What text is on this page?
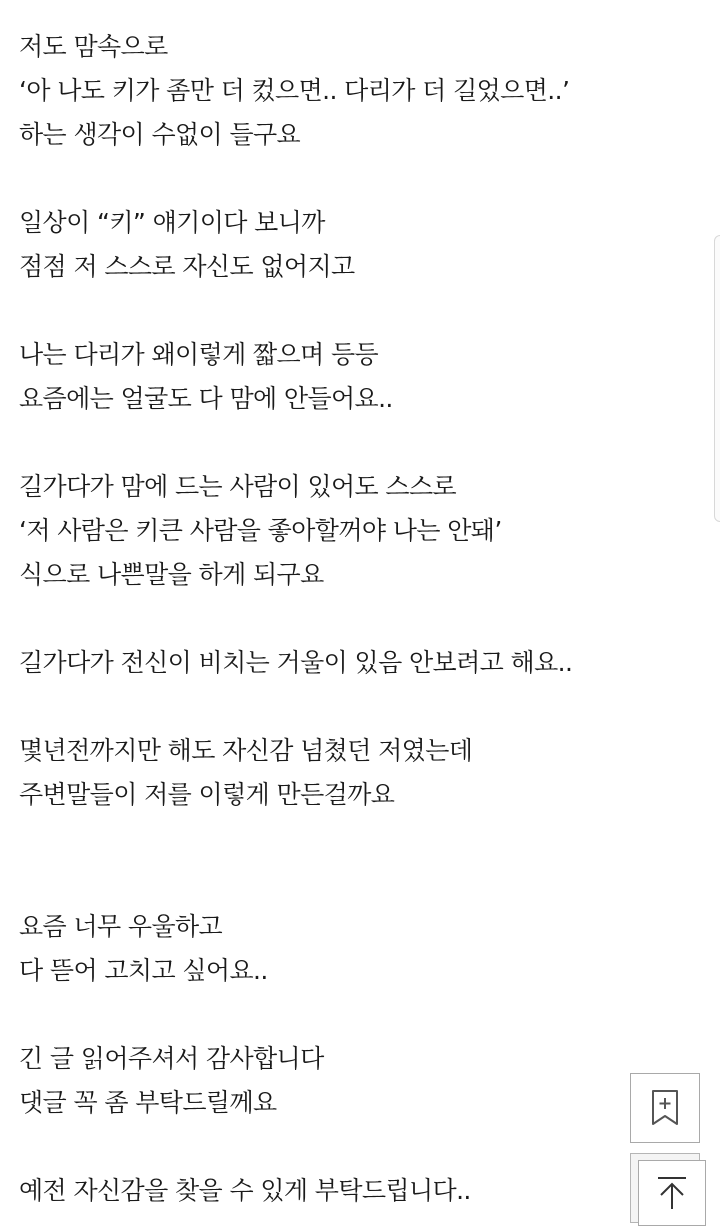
저도 맘속으로
‘아 나도 키가 좀만 더 컸으면.. 다리가 더 길었으면..’
하는 생각이 수없이 들구요
일상이 “키” 얘기이다 보니까
점점 저 스스로 자신도 없어지고
나는 다리가 왜이렇게 짧으며 등등
요즘에는 얼굴도 다 맘에 안들어요..
길가다가 맘에 드는 사람이 있어도 스스로
‘저 사람은 키큰 사람을 좋아할꺼야 나는 안돼’
식으로 나쁜말을 하게 되구요
길가다가 전신이 비치는 거울이 있음 안보려고 해요..
몇년전까지만 해도 자신감 넘쳤던 저였는데
주변말들이 저를 이렇게 만든걸까요
요즘 너무 우울하고
다 뜯어 고치고 싶어요..
긴 글 읽어주셔서 감사합니다
댓글 꼭 좀 부탁드릴께요
예전 자신감을 찾을 수 있게 부탁드립니다..
